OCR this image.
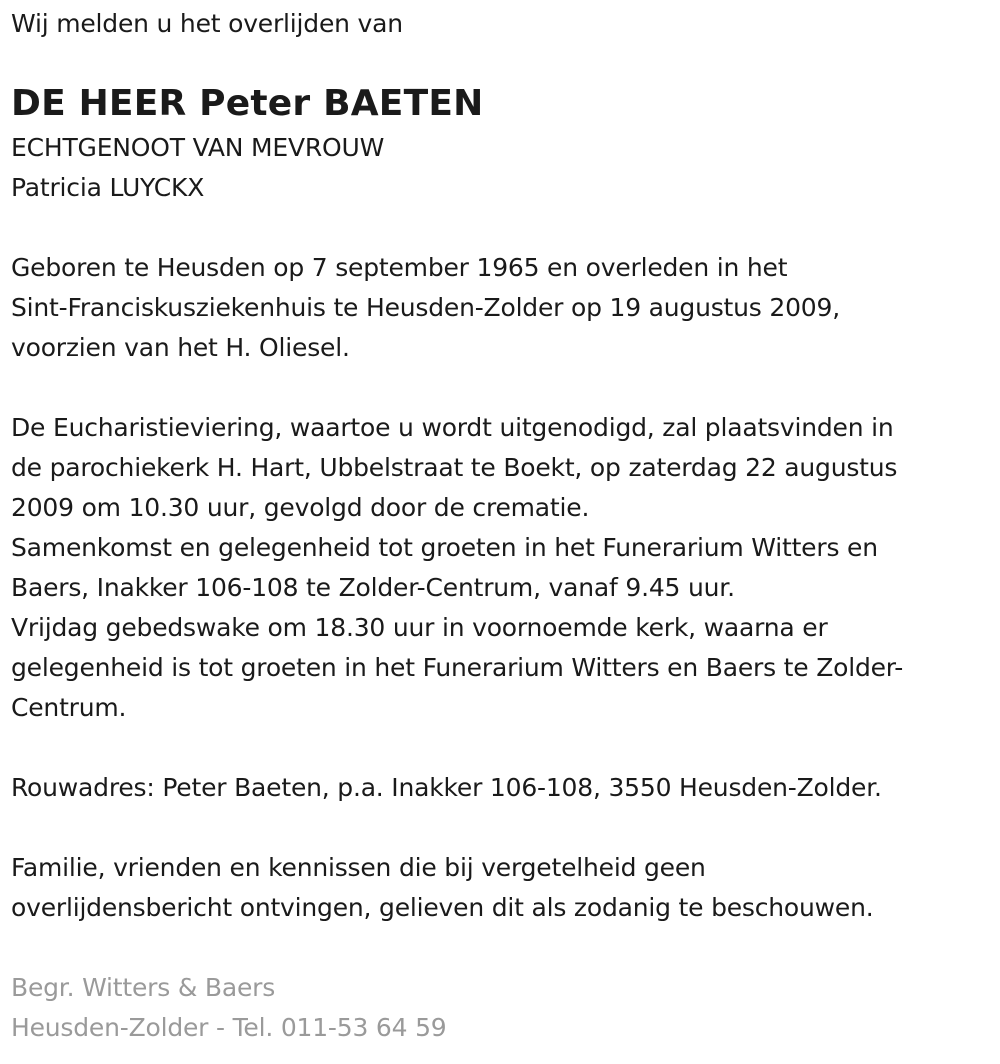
Wij melden u het overlijden van
DE HEER Peter BAETEN
ECHTGENOOT VAN MEVROUW
Patricia LUYCKX
Geboren te Heusden op 7 september 1965 en overleden in het
Sint-Franciskusziekenhuis te Heusden-Zolder op 19 augustus 2009,
voorzien van het H. Oliesel.
De Eucharistieviering, waartoe u wordt uitgenodigd, zal plaatsvinden in
de parochiekerk H. Hart, Ubbelstraat te Boekt, op zaterdag 22 augustus
2009 om 10.30 uur, gevolgd door de crematie.
Samenkomst en gelegenheid tot groeten in het Funerarium Witters en
Baers, Inakker 106-108 te Zolder-Centrum, vanaf 9.45 uur.
Vrijdag gebedswake om 18.30 uur in voornoemde kerk, waarna er
gelegenheid is tot groeten in het Funerarium Witters en Baers te Zolder-
Centrum.
Rouwadres: Peter Baeten, p.a. Inakker 106-108, 3550 Heusden-Zolder.
Familie, vrienden en kennissen die bij vergetelheid geen
overlijdensbericht ontvingen, gelieven dit als zodanig te beschouwen.
Begr. Witters & Baers
Heusden-Zolder - Tel. 011-53 64 59
